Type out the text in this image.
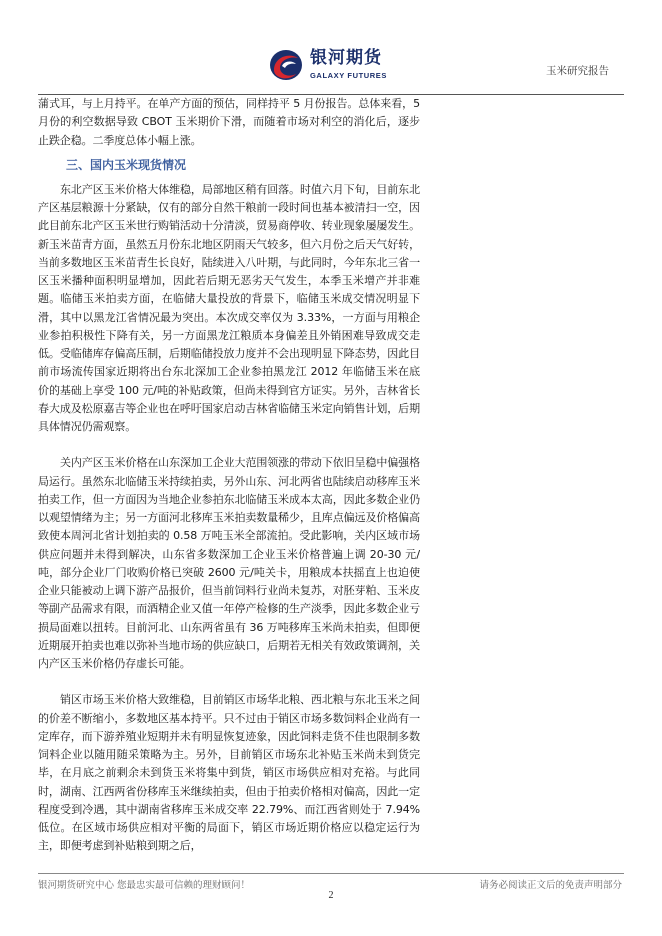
银河期货
GALAXY FUTURES	玉米研究报告

蒲式耳，与上月持平。在单产方面的预估，同样持平 5 月份报告。总体来看，5月份的利空数据导致 CBOT 玉米期价下滑，而随着市场对利空的消化后，逐步止跌企稳。二季度总体小幅上涨。

三、国内玉米现货情况

东北产区玉米价格大体维稳，局部地区稍有回落。时值六月下旬，目前东北产区基层粮源十分紧缺，仅有的部分自然干粮前一段时间也基本被清扫一空，因此目前东北产区玉米世行购销活动十分清淡，贸易商停收、转业现象屡屡发生。新玉米苗青方面，虽然五月份东北地区阴雨天气较多，但六月份之后天气好转，当前多数地区玉米苗青生长良好，陆续进入八叶期，与此同时，今年东北三省一区玉米播种面积明显增加，因此若后期无恶劣天气发生，本季玉米增产并非难题。临储玉米拍卖方面，在临储大量投放的背景下，临储玉米成交情况明显下滑，其中以黑龙江省情况最为突出。本次成交率仅为 3.33%，一方面与用粮企业参拍积极性下降有关，另一方面黑龙江粮质本身偏差且外销困难导致成交走低。受临储库存偏高压制，后期临储投放力度并不会出现明显下降态势，因此目前市场流传国家近期将出台东北深加工企业参拍黑龙江 2012 年临储玉米在底价的基础上享受 100 元/吨的补贴政策，但尚未得到官方证实。另外，吉林省长春大成及松原嘉吉等企业也在呼吁国家启动吉林省临储玉米定向销售计划，后期具体情况仍需观察。

关内产区玉米价格在山东深加工企业大范围领涨的带动下依旧呈稳中偏强格局运行。虽然东北临储玉米持续拍卖，另外山东、河北两省也陆续启动移库玉米拍卖工作，但一方面因为当地企业参拍东北临储玉米成本太高，因此多数企业仍以观望情绪为主；另一方面河北移库玉米拍卖数量稀少，且库点偏远及价格偏高致使本周河北省计划拍卖的 0.58 万吨玉米全部流拍。受此影响，关内区域市场供应问题并未得到解决，山东省多数深加工企业玉米价格普遍上调 20-30 元/吨，部分企业厂门收购价格已突破 2600 元/吨关卡，用粮成本扶摇直上也迫使企业只能被动上调下游产品报价，但当前饲料行业尚未复苏，对胚芽粕、玉米皮等副产品需求有限，而酒精企业又值一年停产检修的生产淡季，因此多数企业亏损局面难以扭转。目前河北、山东两省虽有 36 万吨移库玉米尚未拍卖，但即便近期展开拍卖也难以弥补当地市场的供应缺口，后期若无相关有效政策调剂，关内产区玉米价格仍存虚长可能。

销区市场玉米价格大致维稳，目前销区市场华北粮、西北粮与东北玉米之间的价差不断缩小，多数地区基本持平。只不过由于销区市场多数饲料企业尚有一定库存，而下游养殖业短期并未有明显恢复迹象，因此饲料走货不佳也限制多数饲料企业以随用随采策略为主。另外，目前销区市场东北补贴玉米尚未到货完毕，在月底之前剩余未到货玉米将集中到货，销区市场供应相对充裕。与此同时，湖南、江西两省份移库玉米继续拍卖，但由于拍卖价格相对偏高，因此一定程度受到冷遇，其中湖南省移库玉米成交率 22.79%、而江西省则处于 7.94%低位。在区域市场供应相对平衡的局面下，销区市场近期价格应以稳定运行为主，即便考虑到补贴粮到期之后，

银河期货研究中心 您最忠实最可信赖的理财顾问！	请务必阅读正文后的免责声明部分
2
